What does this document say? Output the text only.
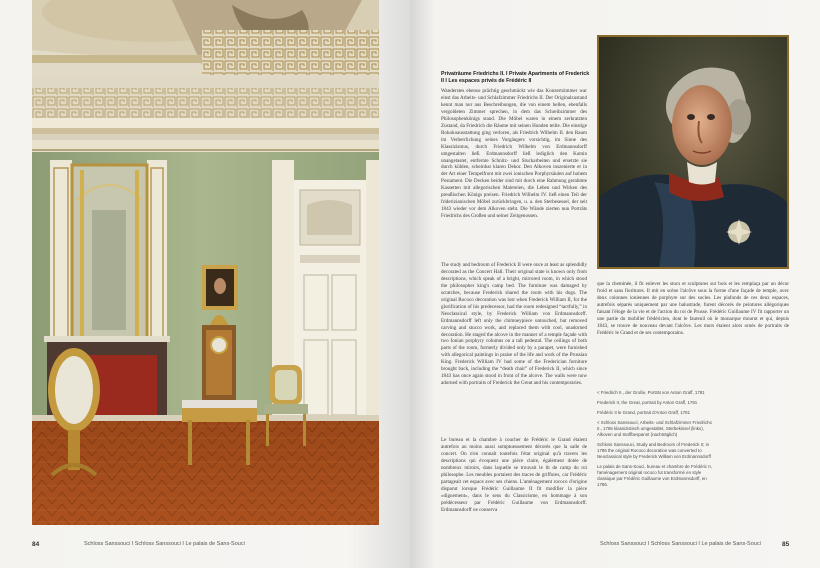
84	Schloss Sanssouci I Schloss Sanssouci I Le palais de Sans-Souci
Privaträume Friedrichs II. I Private Apartments of Frederick II I Les espaces privés de Frédéric II
Wanderstes ebenso prächtig geschmückt wie das Konzertzimmer war einst das Arbeits- und Schlafzimmer Friedrichs II. Der Originalzustand kennt man nur aus Beschreibungen, die von einem hellen, ebenfalls vergoldeten Zimmer sprechen, in dem das Schreibzimmer des Philosophenkönigs stand. Die Möbel waren in einem zerkratzten Zustand, da Friedrich die Räume mit seinen Hunden teilte. Die einstige Rokokoausstattung ging verloren, als Friedrich Wilhelm II. den Raum im Verherrlichung seines Vorgängers vorsichtig, im Sinne des Klassizismus, durch Friedrich Wilhelm von Erdmannsdorff umgestalten ließ. Erdmannsdorff ließ lediglich den Kamin unangetastet, entfernte Schnitz- und Stuckarbeiten und ersetzte sie durch kühlen, scheinbar klaren Dekor. Den Alkoven inszenierte er in der Art einer Tempelfront mit zwei ionischen Porphyrsäulen auf hohem Postament. Die Decken beider sind mit durch eine Rahmung gerahmte Kassetten mit allegorischen Malereien, die Leben und Wirken des preußischen Königs preisen. Friedrich Wilhelm IV. ließ einen Teil der friderizianischen Möbel zurückbringen, u. a. den Sterbesessel, der seit 1843 wieder vor dem Alkoven steht. Die Wände zierten nun Porträts Friedrichs des Großen und seiner Zeitgenossen.
The study and bedroom of Frederick II were once at least as splendidly decorated as the Concert Hall. Their original state is known only from descriptions, which speak of a bright, mirrored room, in which stood the philosopher king's camp bed. The furniture was damaged by scratches, because Frederick shared the room with his dogs. The original Rococo decoration was lost when Frederick William II, for the glorification of his predecessor, had the room redesigned “tactfully,” in Neoclassical style, by Frederick William von Erdmannsdorff. Erdmannsdorff left only the chimneypiece untouched, but removed carving and stucco work, and replaced them with cool, unadorned decoration. He staged the alcove in the manner of a temple façade with two Ionian porphyry columns on a tall pedestal. The ceilings of both parts of the room, formerly divided only by a parapet, were furnished with allegorical paintings in praise of the life and work of the Prussian King. Frederick William IV had some of the Frederician furniture brought back, including the “death chair” of Frederick II, which since 1843 has once again stood in front of the alcove. The walls were now adorned with portraits of Frederick the Great and his contemporaries.
Le bureau et la chambre à coucher de Frédéric le Grand étaient autrefois au moins aussi somptueusement décorés que la salle de concert. On n'en connaît toutefois l'état original qu'à travers les descriptions qui évoquent une pièce claire, également dotée de nombreux miroirs, dans laquelle se trouvait le lit de camp du roi philosophe. Les meubles portaient des traces de griffures, car Frédéric partageait cet espace avec ses chiens. L'aménagement rococo d'origine disparut lorsque Frédéric Guillaume II fit modifier la pièce «dignement», dans le sens du Classicisme, en hommage à son prédécesseur par Frédéric Guillaume von Erdmannsdorff. Erdmannsdorff ne conserva
que la cheminée, il fit enlever les stucs et sculptures sur bois et les remplaça par un décor froid et sans fioritures. Il mit en scène l'alcôve sous la forme d'une façade de temple, avec deux colonnes ioniennes de porphyre sur des socles. Les plafonds de ces deux espaces, autrefois séparés uniquement par une balustrade, furent décorés de peintures allégoriques faisant l'éloge de la vie et de l'action du roi de Prusse. Frédéric Guillaume IV fit rapporter un une partie du mobilier frédéricien, dont le fauteuil où le monarque mourut et qui, depuis 1843, se trouve de nouveau devant l'alcôve. Les murs étaient alors ornés de portraits de Frédéric le Grand et de ses contemporains.
< Friedrich II., der Große, Porträt von Anton Graff, 1781
Frederick II, the Great, portrait by Anton Graff, 1781
Frédéric II le Grand, portrait d'Anton Graff, 1781
< Schloss Sanssouci, Arbeits- und Schlafzimmer Friedrichs II., 1786 klassizistisch umgestaltet, Sterbekissel (links), Alkoven und Stoffbespannt (nachträglich)
Schloss Sanssouci, Study and Bedroom of Frederick II; in 1786 the original Rococo decoration was converted to Neoclassical style by Frederick William von Erdmannsdorff
Le palais de Sans-Souci, bureau et chambre de Frédéric II, l'aménagement original rococo fut transformé en style classique par Frédéric Guillaume von Erdmannsdorff, en 1786.
Schloss Sanssouci I Schloss Sanssouci I Le palais de Sans-Souci	85
